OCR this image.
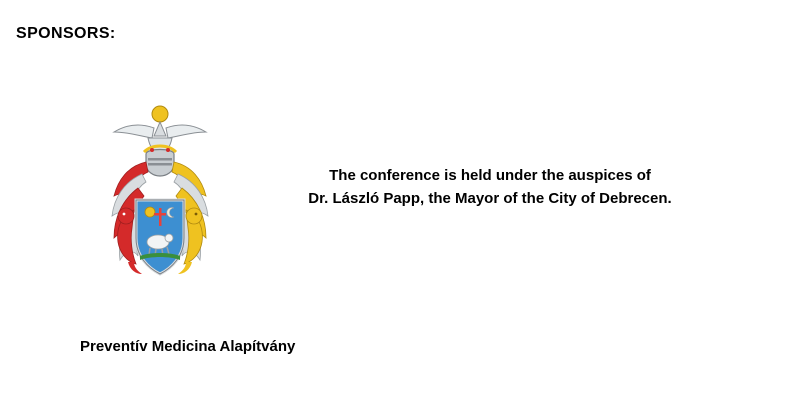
SPONSORS:
The conference is held under the auspices of
Dr. László Papp, the Mayor of the City of Debrecen.
Preventív Medicina Alapítvány
